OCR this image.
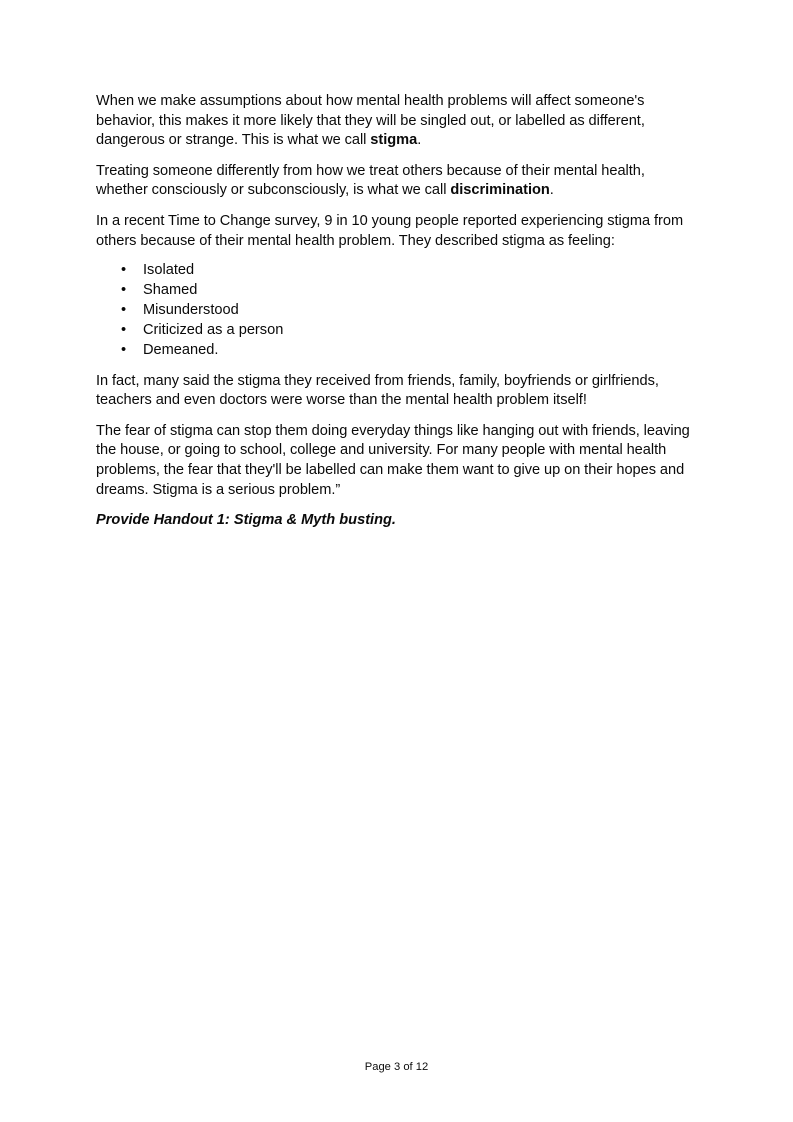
When we make assumptions about how mental health problems will affect someone's behavior, this makes it more likely that they will be singled out, or labelled as different, dangerous or strange. This is what we call stigma.

Treating someone differently from how we treat others because of their mental health, whether consciously or subconsciously, is what we call discrimination.

In a recent Time to Change survey, 9 in 10 young people reported experiencing stigma from others because of their mental health problem. They described stigma as feeling:

• Isolated
• Shamed
• Misunderstood
• Criticized as a person
• Demeaned.

In fact, many said the stigma they received from friends, family, boyfriends or girlfriends, teachers and even doctors were worse than the mental health problem itself!

The fear of stigma can stop them doing everyday things like hanging out with friends, leaving the house, or going to school, college and university. For many people with mental health problems, the fear that they'll be labelled can make them want to give up on their hopes and dreams. Stigma is a serious problem.”

Provide Handout 1: Stigma & Myth busting.

Page 3 of 12
